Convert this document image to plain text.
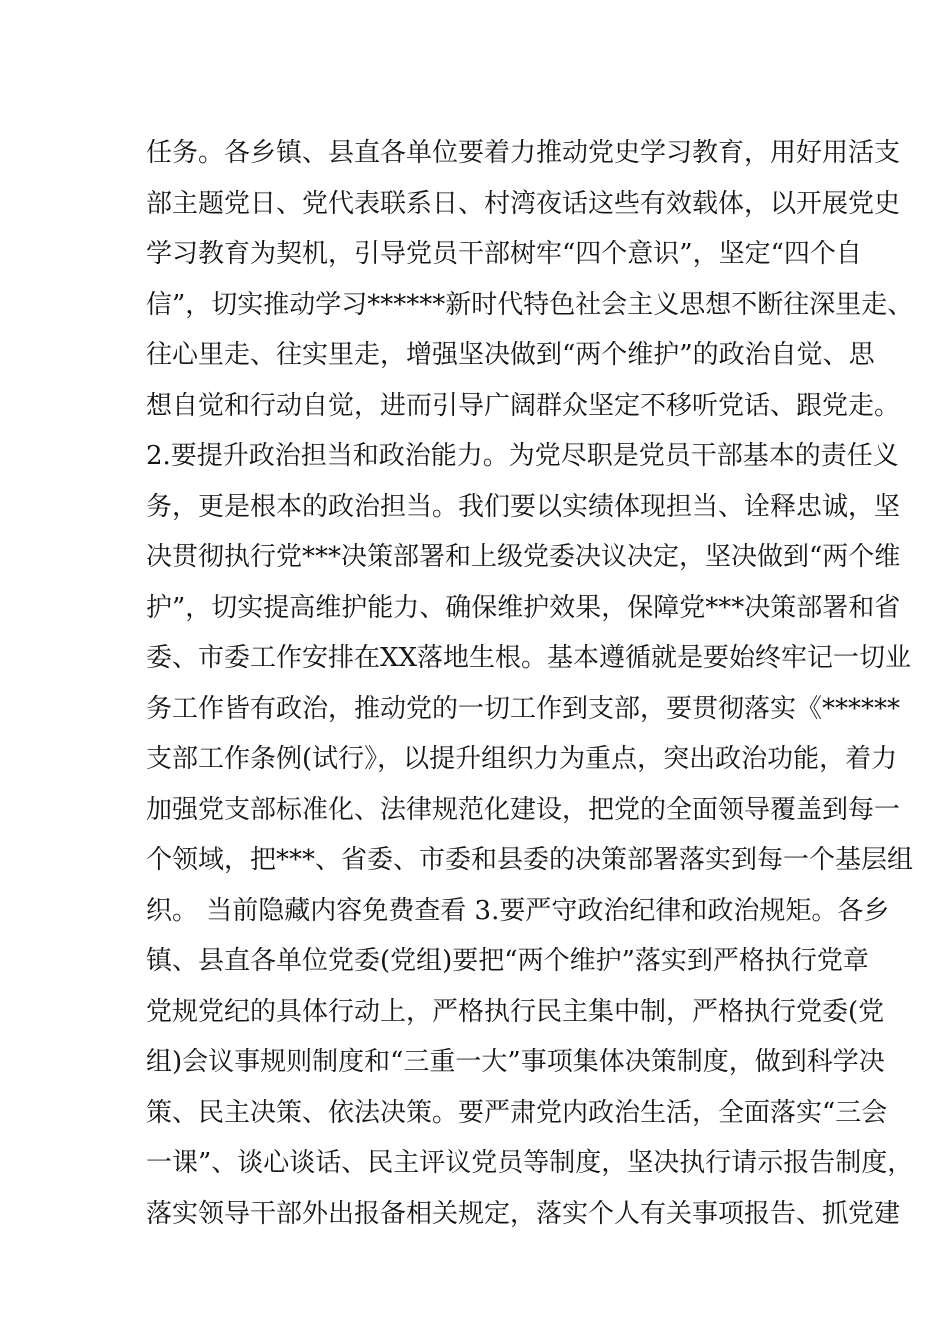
任务。各乡镇、县直各单位要着力推动党史学习教育，用好用活支
部主题党日、党代表联系日、村湾夜话这些有效载体，以开展党史
学习教育为契机，引导党员干部树牢“四个意识”，坚定“四个自
信”，切实推动学习******新时代特色社会主义思想不断往深里走、
往心里走、往实里走，增强坚决做到“两个维护”的政治自觉、思
想自觉和行动自觉，进而引导广阔群众坚定不移听党话、跟党走。
2.要提升政治担当和政治能力。为党尽职是党员干部基本的责任义
务，更是根本的政治担当。我们要以实绩体现担当、诠释忠诚，坚
决贯彻执行党***决策部署和上级党委决议决定，坚决做到“两个维
护”，切实提高维护能力、确保维护效果，保障党***决策部署和省
委、市委工作安排在XX落地生根。基本遵循就是要始终牢记一切业
务工作皆有政治，推动党的一切工作到支部，要贯彻落实《******
支部工作条例(试行》，以提升组织力为重点，突出政治功能，着力
加强党支部标准化、法律规范化建设，把党的全面领导覆盖到每一
个领域，把***、省委、市委和县委的决策部署落实到每一个基层组
织。 当前隐藏内容免费查看 3.要严守政治纪律和政治规矩。各乡
镇、县直各单位党委(党组)要把“两个维护”落实到严格执行党章
党规党纪的具体行动上，严格执行民主集中制，严格执行党委(党
组)会议事规则制度和“三重一大”事项集体决策制度，做到科学决
策、民主决策、依法决策。要严肃党内政治生活，全面落实“三会
一课”、谈心谈话、民主评议党员等制度，坚决执行请示报告制度，
落实领导干部外出报备相关规定，落实个人有关事项报告、抓党建
